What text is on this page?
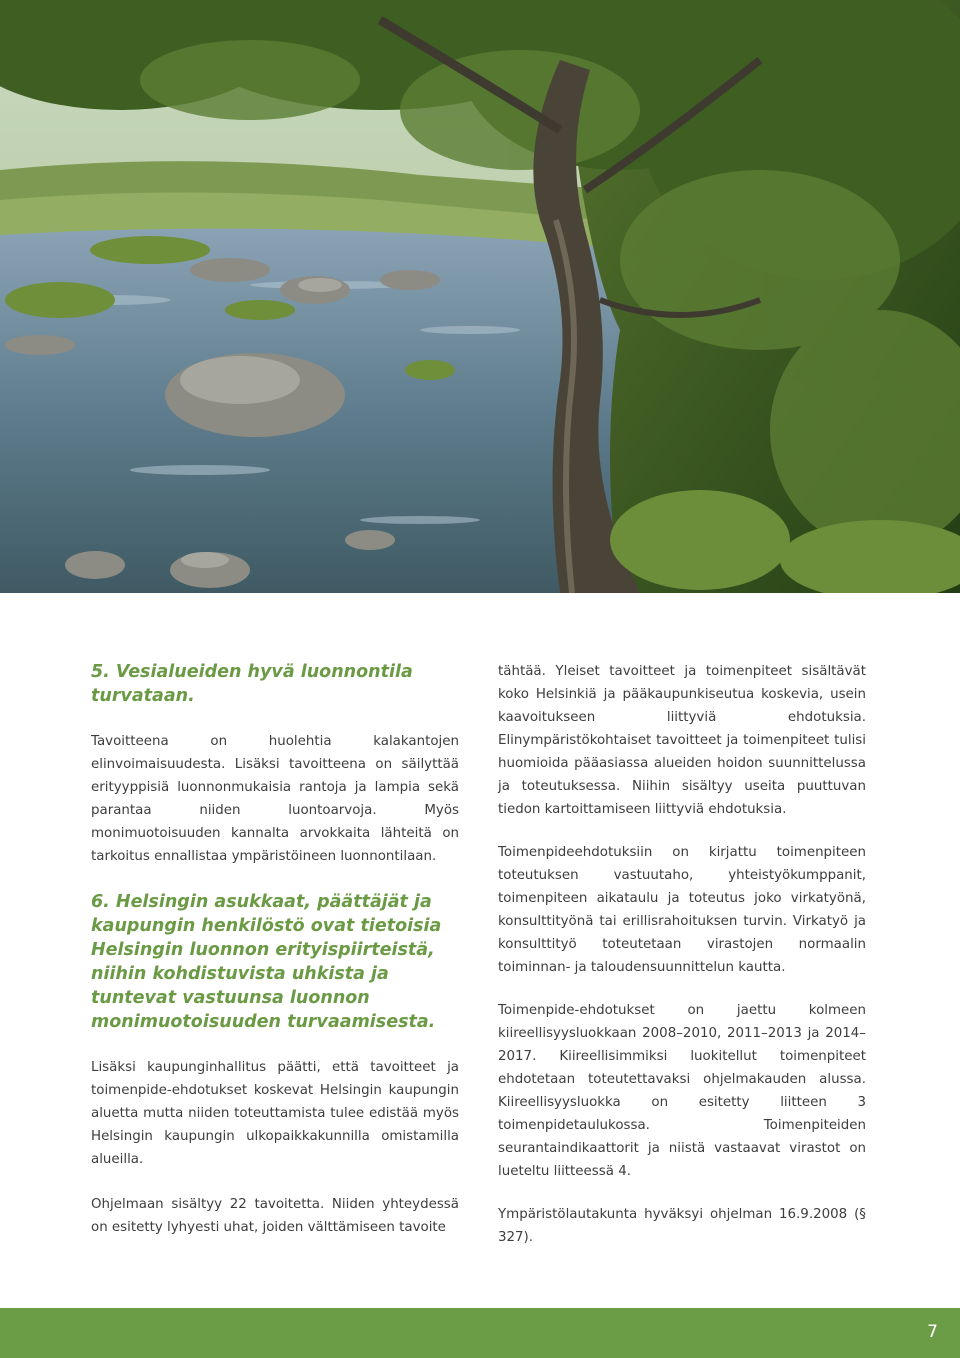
5. Vesialueiden hyvä luonnontila turvataan.

Tavoitteena on huolehtia kalakantojen elinvoimaisuudesta. Lisäksi tavoitteena on säilyttää erityyppisiä luonnonmukaisia rantoja ja lampia sekä parantaa niiden luontoarvoja. Myös monimuotoisuuden kannalta arvokkaita lähteitä on tarkoitus ennallistaa ympäristöineen luonnontilaan.

6. Helsingin asukkaat, päättäjät ja kaupungin henkilöstö ovat tietoisia Helsingin luonnon erityispiirteistä, niihin kohdistuvista uhkista ja tuntevat vastuunsa luonnon monimuotoisuuden turvaamisesta.

Lisäksi kaupunginhallitus päätti, että tavoitteet ja toimenpide-ehdotukset koskevat Helsingin kaupungin aluetta mutta niiden toteuttamista tulee edistää myös Helsingin kaupungin ulkopaikkakunnilla omistamilla alueilla.

Ohjelmaan sisältyy 22 tavoitetta. Niiden yhteydessä on esitetty lyhyesti uhat, joiden välttämiseen tavoite

tähtää. Yleiset tavoitteet ja toimenpiteet sisältävät koko Helsinkiä ja pääkaupunkiseutua koskevia, usein kaavoitukseen liittyviä ehdotuksia. Elinympäristökohtaiset tavoitteet ja toimenpiteet tulisi huomioida pääasiassa alueiden hoidon suunnittelussa ja toteutuksessa. Niihin sisältyy useita puuttuvan tiedon kartoittamiseen liittyviä ehdotuksia.

Toimenpideehdotuksiin on kirjattu toimenpiteen toteutuksen vastuutaho, yhteistyökumppanit, toimenpiteen aikataulu ja toteutus joko virkatyönä, konsulttityönä tai erillisrahoituksen turvin. Virkatyö ja konsulttityö toteutetaan virastojen normaalin toiminnan- ja taloudensuunnittelun kautta.

Toimenpide-ehdotukset on jaettu kolmeen kiireellisyysluokkaan 2008–2010, 2011–2013 ja 2014–2017. Kiireellisimmiksi luokitellut toimenpiteet ehdotetaan toteutettavaksi ohjelmakauden alussa. Kiireellisyysluokka on esitetty liitteen 3 toimenpidetaulukossa. Toimenpiteiden seurantaindikaattorit ja niistä vastaavat virastot on lueteltu liitteessä 4.

Ympäristölautakunta hyväksyi ohjelman 16.9.2008 (§ 327).

7
